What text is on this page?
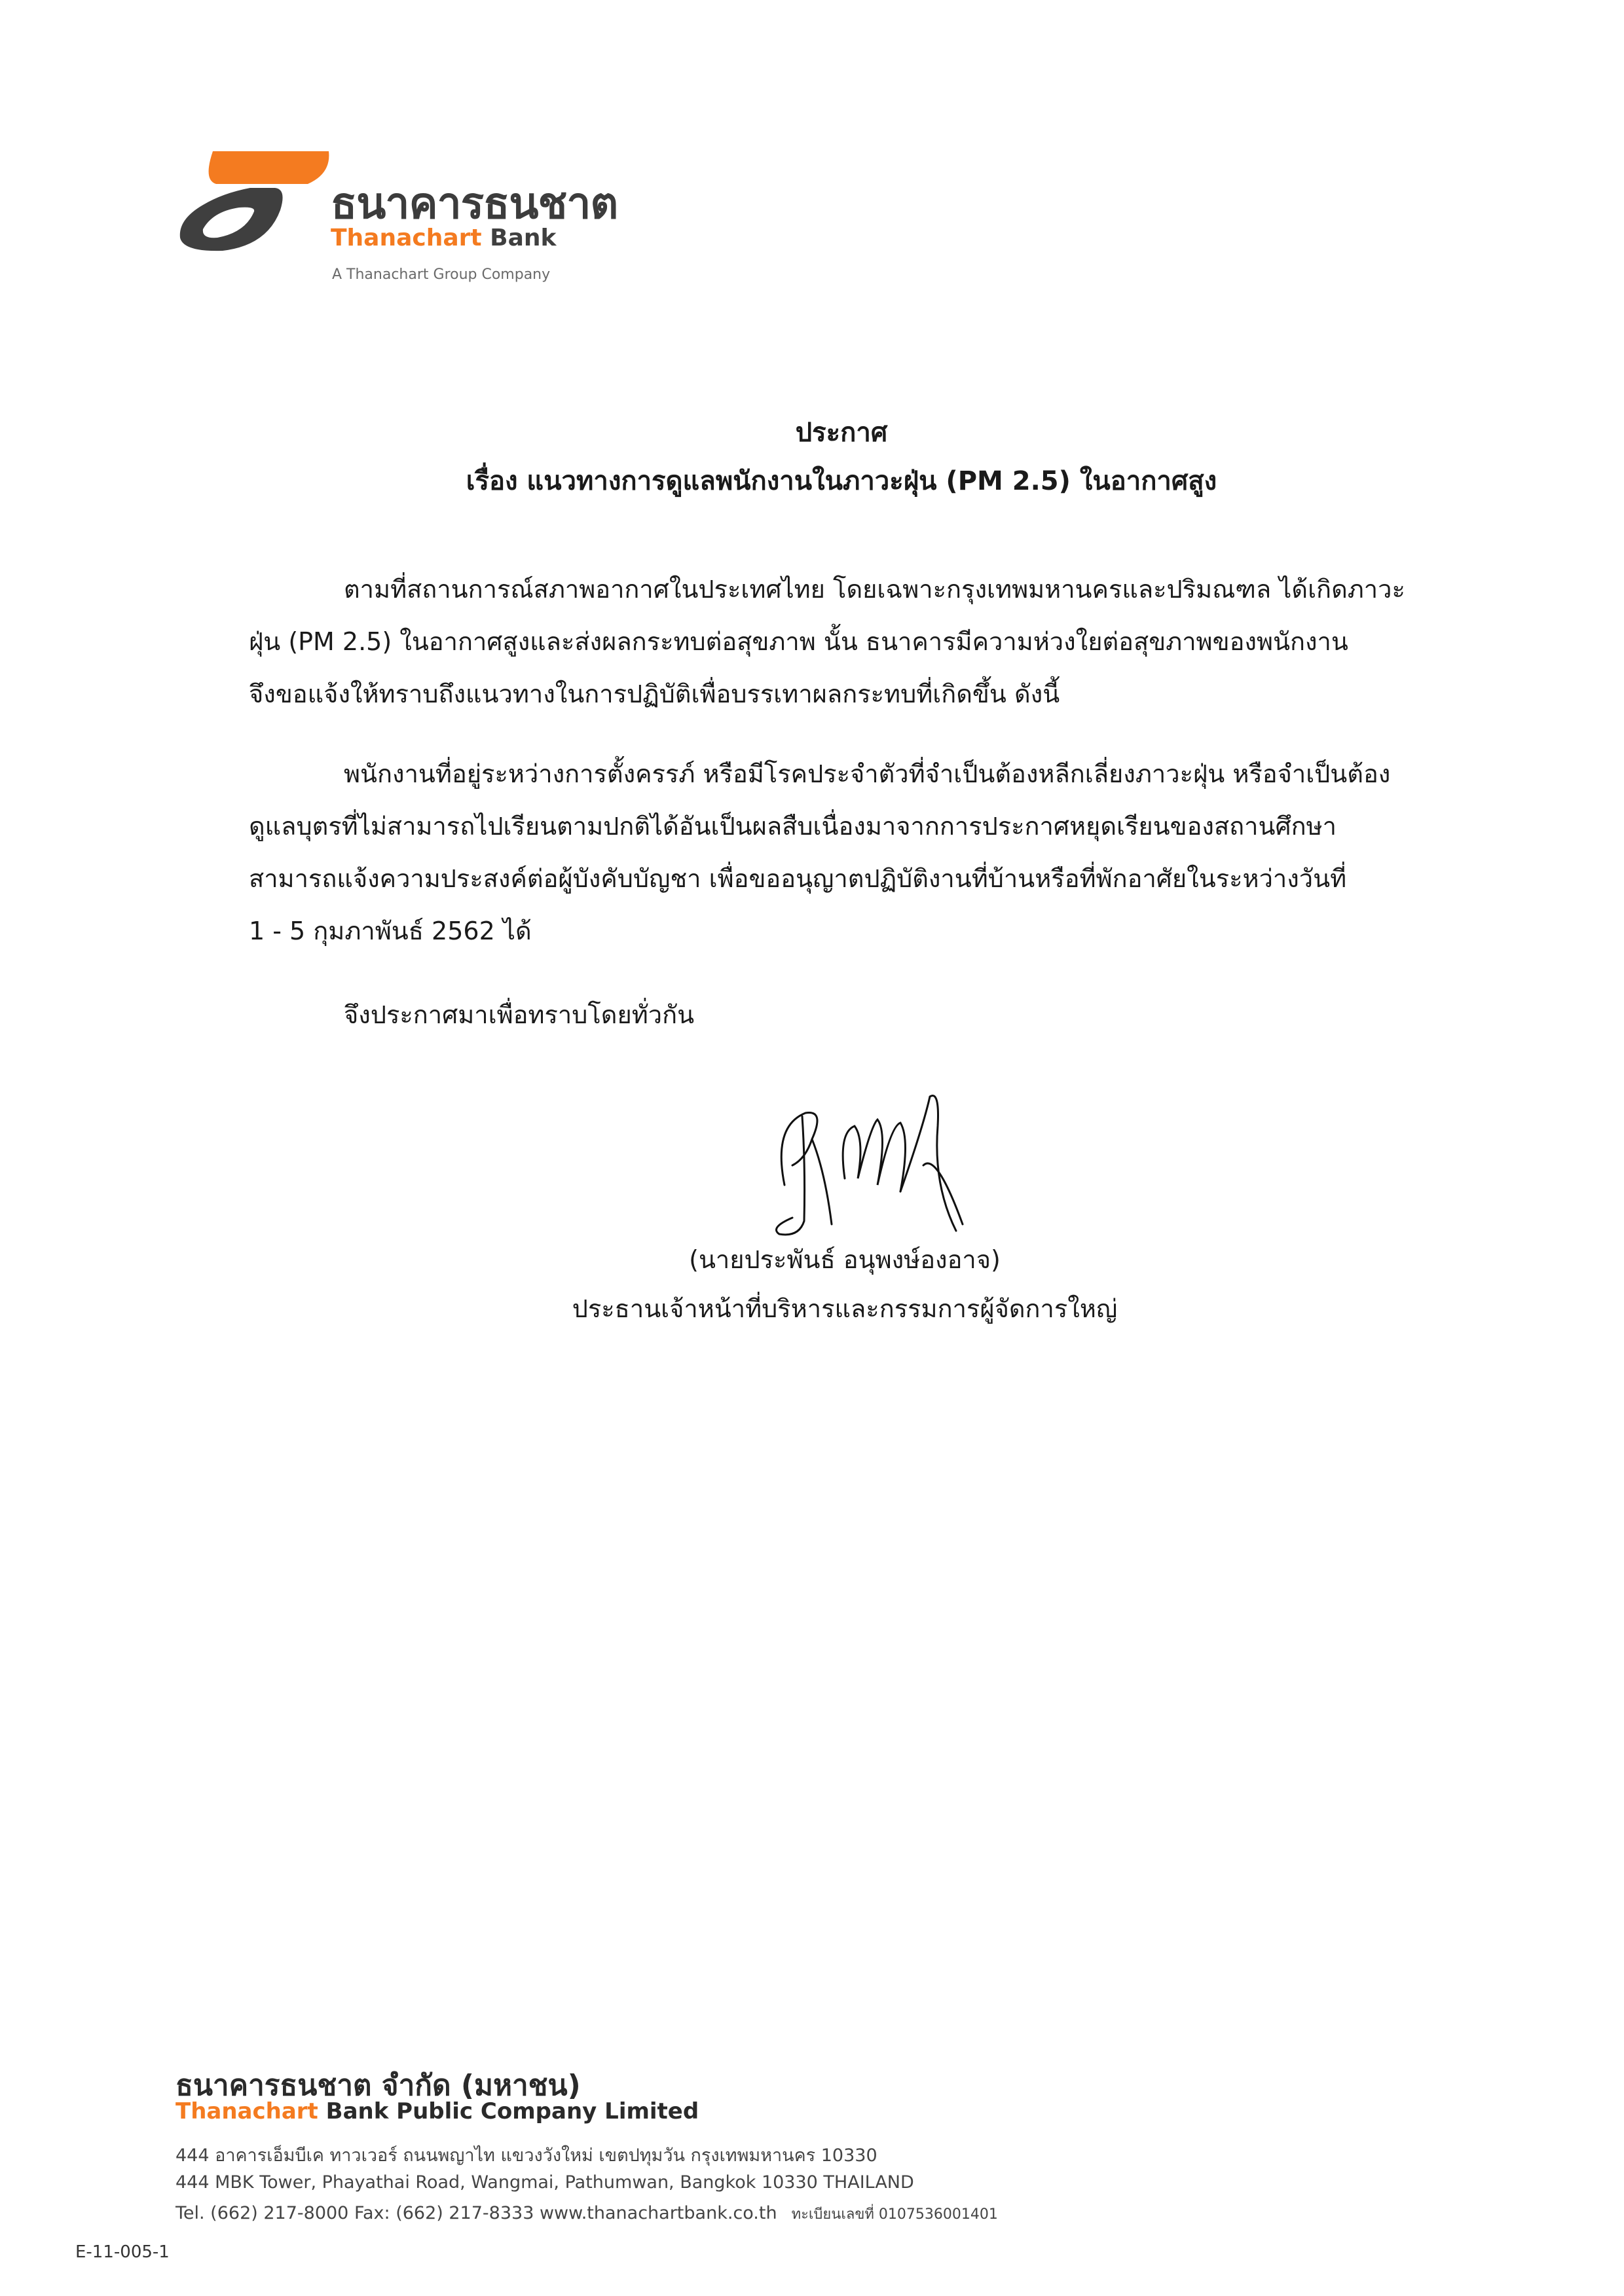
ธนาคารธนชาต
Thanachart Bank
A Thanachart Group Company
ประกาศ
เรื่อง แนวทางการดูแลพนักงานในภาวะฝุ่น (PM 2.5) ในอากาศสูง
ตามที่สถานการณ์สภาพอากาศในประเทศไทย โดยเฉพาะกรุงเทพมหานครและปริมณฑล ได้เกิดภาวะ
ฝุ่น (PM 2.5) ในอากาศสูงและส่งผลกระทบต่อสุขภาพ นั้น ธนาคารมีความห่วงใยต่อสุขภาพของพนักงาน
จึงขอแจ้งให้ทราบถึงแนวทางในการปฏิบัติเพื่อบรรเทาผลกระทบที่เกิดขึ้น ดังนี้
พนักงานที่อยู่ระหว่างการตั้งครรภ์ หรือมีโรคประจำตัวที่จำเป็นต้องหลีกเลี่ยงภาวะฝุ่น หรือจำเป็นต้อง
ดูแลบุตรที่ไม่สามารถไปเรียนตามปกติได้อันเป็นผลสืบเนื่องมาจากการประกาศหยุดเรียนของสถานศึกษา
สามารถแจ้งความประสงค์ต่อผู้บังคับบัญชา เพื่อขออนุญาตปฏิบัติงานที่บ้านหรือที่พักอาศัยในระหว่างวันที่
1 - 5 กุมภาพันธ์ 2562 ได้
จึงประกาศมาเพื่อทราบโดยทั่วกัน
(นายประพันธ์ อนุพงษ์องอาจ)
ประธานเจ้าหน้าที่บริหารและกรรมการผู้จัดการใหญ่
ธนาคารธนชาต จำกัด (มหาชน)
Thanachart Bank Public Company Limited
444 อาคารเอ็มบีเค ทาวเวอร์ ถนนพญาไท แขวงวังใหม่ เขตปทุมวัน กรุงเทพมหานคร 10330
444 MBK Tower, Phayathai Road, Wangmai, Pathumwan, Bangkok 10330 THAILAND
Tel. (662) 217-8000 Fax: (662) 217-8333 www.thanachartbank.co.th ทะเบียนเลขที่ 0107536001401
E-11-005-1
